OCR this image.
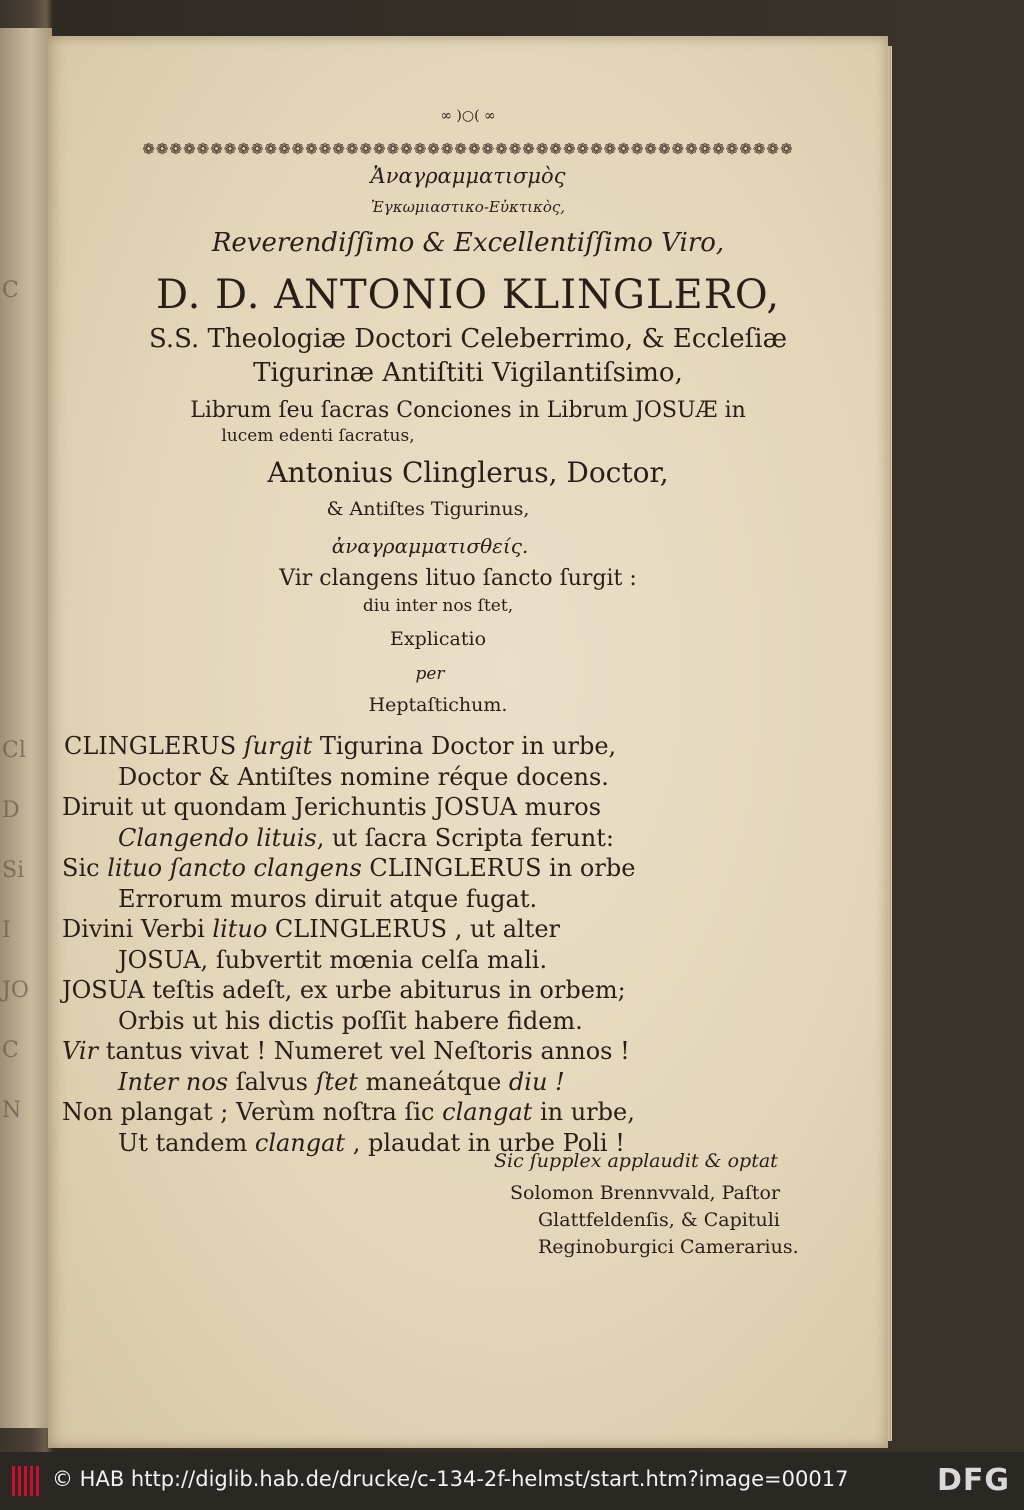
C
Cl
D
Si
I
JO
C
N
∞ )○( ∞
❁❁❁❁❁❁❁❁❁❁❁❁❁❁❁❁❁❁❁❁❁❁❁❁❁❁❁❁❁❁❁❁❁❁❁❁❁❁❁❁❁❁❁❁❁❁❁❁
Ἀναγραμματισμὸς
Ἐγκωμιαστικο-Εὐκτικὸς,
Reverendiſſimo & Excellentiſſimo Viro,
D. D. ANTONIO KLINGLERO,
S.S. Theologiæ Doctori Celeberrimo, & Eccleſiæ
Tigurinæ Antiſtiti Vigilantiſsimo,
Librum ſeu ſacras Conciones in Librum JOSUÆ in
lucem edenti ſacratus,
Antonius Clinglerus, Doctor,
& Antiſtes Tigurinus,
ἀναγραμματισθείς.
Vir clangens lituo ſancto ſurgit :
diu inter nos ſtet,
Explicatio
per
Heptaſtichum.
CLINGLERUS ſurgit Tigurina Doctor in urbe,
Doctor & Antiſtes nomine réque docens.
Diruit ut quondam Jerichuntis JOSUA muros
Clangendo lituis, ut ſacra Scripta ferunt:
Sic lituo ſancto clangens CLINGLERUS in orbe
Errorum muros diruit atque fugat.
Divini Verbi lituo CLINGLERUS , ut alter
JOSUA, ſubvertit mœnia celſa mali.
JOSUA teſtis adeſt, ex urbe abiturus in orbem;
Orbis ut his dictis poſſit habere fidem.
Vir tantus vivat ! Numeret vel Neſtoris annos !
Inter nos ſalvus ſtet maneátque diu !
Non plangat ; Verùm noſtra ſic clangat in urbe,
Ut tandem clangat , plaudat in urbe Poli !
Sic ſupplex applaudit & optat
Solomon Brennvvald, Paſtor
Glattfeldenſis, & Capituli
Reginoburgici Camerarius.
© HAB http://diglib.hab.de/drucke/c-134-2f-helmst/start.htm?image=00017	DFG
